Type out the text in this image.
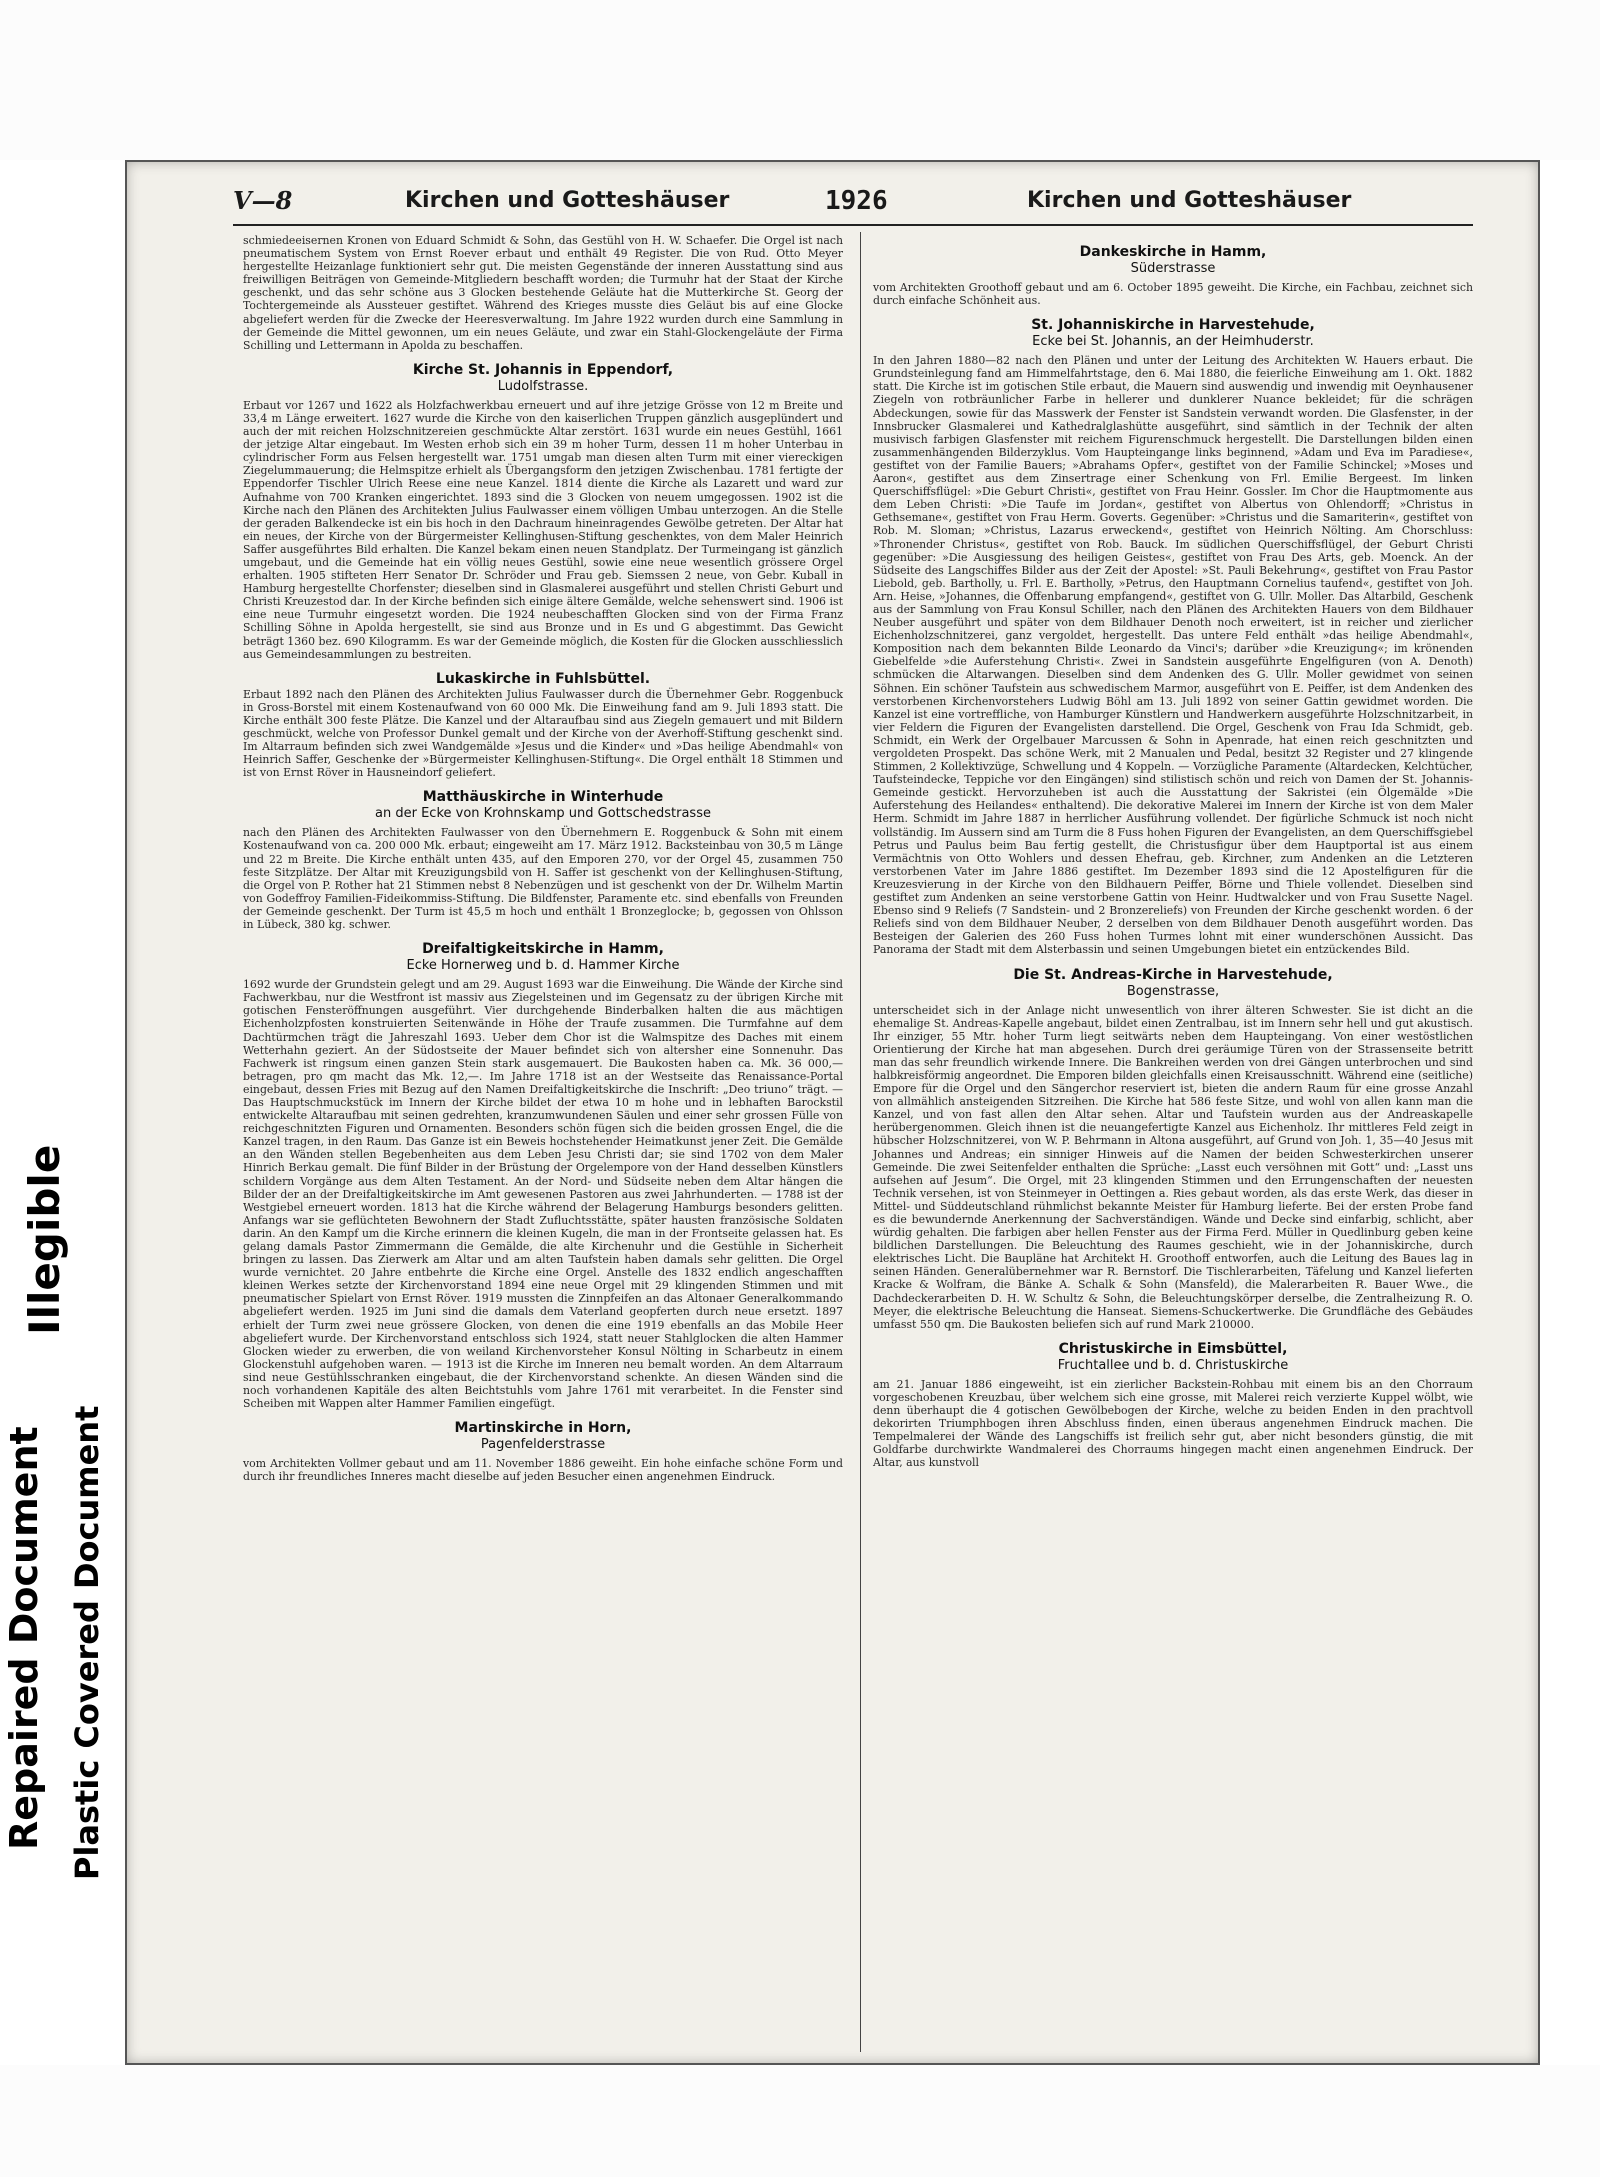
V—8	Kirchen und Gotteshäuser	1926	Kirchen und Gotteshäuser

schmiedeeisernen Kronen von Eduard Schmidt & Sohn, das Gestühl von H. W. Schaefer. Die Orgel ist nach pneumatischem System von Ernst Roever erbaut und enthält 49 Register. Die von Rud. Otto Meyer hergestellte Heizanlage funktioniert sehr gut. Die meisten Gegenstände der inneren Ausstattung sind aus freiwilligen Beiträgen von Gemeinde-Mitgliedern beschafft worden; die Turmuhr hat der Staat der Kirche geschenkt, und das sehr schöne aus 3 Glocken bestehende Geläute hat die Mutterkirche St. Georg der Tochtergemeinde als Aussteuer gestiftet. Während des Krieges musste dies Geläut bis auf eine Glocke abgeliefert werden für die Zwecke der Heeresverwaltung. Im Jahre 1922 wurden durch eine Sammlung in der Gemeinde die Mittel gewonnen, um ein neues Geläute, und zwar ein Stahl-Glockengeläute der Firma Schilling und Lettermann in Apolda zu beschaffen.

Kirche St. Johannis in Eppendorf,
Ludolfstrasse.

Erbaut vor 1267 und 1622 als Holzfachwerkbau erneuert und auf ihre jetzige Grösse von 12 m Breite und 33,4 m Länge erweitert. 1627 wurde die Kirche von den kaiserlichen Truppen gänzlich ausgeplündert und auch der mit reichen Holzschnitzereien geschmückte Altar zerstört. 1631 wurde ein neues Gestühl, 1661 der jetzige Altar eingebaut. Im Westen erhob sich ein 39 m hoher Turm, dessen 11 m hoher Unterbau in cylindrischer Form aus Felsen hergestellt war. 1751 umgab man diesen alten Turm mit einer viereckigen Ziegelummauerung; die Helmspitze erhielt als Übergangsform den jetzigen Zwischenbau. 1781 fertigte der Eppendorfer Tischler Ulrich Reese eine neue Kanzel. 1814 diente die Kirche als Lazarett und ward zur Aufnahme von 700 Kranken eingerichtet. 1893 sind die 3 Glocken von neuem umgegossen. 1902 ist die Kirche nach den Plänen des Architekten Julius Faulwasser einem völligen Umbau unterzogen. An die Stelle der geraden Balkendecke ist ein bis hoch in den Dachraum hineinragendes Gewölbe getreten. Der Altar hat ein neues, der Kirche von der Bürgermeister Kellinghusen-Stiftung geschenktes, von dem Maler Heinrich Saffer ausgeführtes Bild erhalten. Die Kanzel bekam einen neuen Standplatz. Der Turmeingang ist gänzlich umgebaut, und die Gemeinde hat ein völlig neues Gestühl, sowie eine neue wesentlich grössere Orgel erhalten. 1905 stifteten Herr Senator Dr. Schröder und Frau geb. Siemssen 2 neue, von Gebr. Kuball in Hamburg hergestellte Chorfenster; dieselben sind in Glasmalerei ausgeführt und stellen Christi Geburt und Christi Kreuzestod dar. In der Kirche befinden sich einige ältere Gemälde, welche sehenswert sind. 1906 ist eine neue Turmuhr eingesetzt worden. Die 1924 neubeschafften Glocken sind von der Firma Franz Schilling Söhne in Apolda hergestellt, sie sind aus Bronze und in Es und G abgestimmt. Das Gewicht beträgt 1360 bez. 690 Kilogramm. Es war der Gemeinde möglich, die Kosten für die Glocken ausschliesslich aus Gemeindesammlungen zu bestreiten.

Lukaskirche in Fuhlsbüttel.

Erbaut 1892 nach den Plänen des Architekten Julius Faulwasser durch die Übernehmer Gebr. Roggenbuck in Gross-Borstel mit einem Kostenaufwand von 60 000 Mk. Die Einweihung fand am 9. Juli 1893 statt. Die Kirche enthält 300 feste Plätze. Die Kanzel und der Altaraufbau sind aus Ziegeln gemauert und mit Bildern geschmückt, welche von Professor Dunkel gemalt und der Kirche von der Averhoff-Stiftung geschenkt sind. Im Altarraum befinden sich zwei Wandgemälde »Jesus und die Kinder« und »Das heilige Abendmahl« von Heinrich Saffer, Geschenke der »Bürgermeister Kellinghusen-Stiftung«. Die Orgel enthält 18 Stimmen und ist von Ernst Röver in Hausneindorf geliefert.

Matthäuskirche in Winterhude
an der Ecke von Krohnskamp und Gottschedstrasse

nach den Plänen des Architekten Faulwasser von den Übernehmern E. Roggenbuck & Sohn mit einem Kostenaufwand von ca. 200 000 Mk. erbaut; eingeweiht am 17. März 1912. Backsteinbau von 30,5 m Länge und 22 m Breite. Die Kirche enthält unten 435, auf den Emporen 270, vor der Orgel 45, zusammen 750 feste Sitzplätze. Der Altar mit Kreuzigungsbild von H. Saffer ist geschenkt von der Kellinghusen-Stiftung, die Orgel von P. Rother hat 21 Stimmen nebst 8 Nebenzügen und ist geschenkt von der Dr. Wilhelm Martin von Godeffroy Familien-Fideikommiss-Stiftung. Die Bildfenster, Paramente etc. sind ebenfalls von Freunden der Gemeinde geschenkt. Der Turm ist 45,5 m hoch und enthält 1 Bronzeglocke; b, gegossen von Ohlsson in Lübeck, 380 kg. schwer.

Dreifaltigkeitskirche in Hamm,
Ecke Hornerweg und b. d. Hammer Kirche

1692 wurde der Grundstein gelegt und am 29. August 1693 war die Einweihung. Die Wände der Kirche sind Fachwerkbau, nur die Westfront ist massiv aus Ziegelsteinen und im Gegensatz zu der übrigen Kirche mit gotischen Fensteröffnungen ausgeführt. Vier durchgehende Binderbalken halten die aus mächtigen Eichenholzpfosten konstruierten Seitenwände in Höhe der Traufe zusammen. Die Turmfahne auf dem Dachtürmchen trägt die Jahreszahl 1693. Ueber dem Chor ist die Walmspitze des Daches mit einem Wetterhahn geziert. An der Südostseite der Mauer befindet sich von altersher eine Sonnenuhr. Das Fachwerk ist ringsum einen ganzen Stein stark ausgemauert. Die Baukosten haben ca. Mk. 36 000,— betragen, pro qm macht das Mk. 12,—. Im Jahre 1718 ist an der Westseite das Renaissance-Portal eingebaut, dessen Fries mit Bezug auf den Namen Dreifaltigkeitskirche die Inschrift: „Deo triuno“ trägt. — Das Hauptschmuckstück im Innern der Kirche bildet der etwa 10 m hohe und in lebhaften Barockstil entwickelte Altaraufbau mit seinen gedrehten, kranzumwundenen Säulen und einer sehr grossen Fülle von reichgeschnitzten Figuren und Ornamenten. Besonders schön fügen sich die beiden grossen Engel, die die Kanzel tragen, in den Raum. Das Ganze ist ein Beweis hochstehender Heimatkunst jener Zeit. Die Gemälde an den Wänden stellen Begebenheiten aus dem Leben Jesu Christi dar; sie sind 1702 von dem Maler Hinrich Berkau gemalt. Die fünf Bilder in der Brüstung der Orgelempore von der Hand desselben Künstlers schildern Vorgänge aus dem Alten Testament. An der Nord- und Südseite neben dem Altar hängen die Bilder der an der Dreifaltigkeitskirche im Amt gewesenen Pastoren aus zwei Jahrhunderten. — 1788 ist der Westgiebel erneuert worden. 1813 hat die Kirche während der Belagerung Hamburgs besonders gelitten. Anfangs war sie geflüchteten Bewohnern der Stadt Zufluchtsstätte, später hausten französische Soldaten darin. An den Kampf um die Kirche erinnern die kleinen Kugeln, die man in der Frontseite gelassen hat. Es gelang damals Pastor Zimmermann die Gemälde, die alte Kirchenuhr und die Gestühle in Sicherheit bringen zu lassen. Das Zierwerk am Altar und am alten Taufstein haben damals sehr gelitten. Die Orgel wurde vernichtet. 20 Jahre entbehrte die Kirche eine Orgel. Anstelle des 1832 endlich angeschafften kleinen Werkes setzte der Kirchenvorstand 1894 eine neue Orgel mit 29 klingenden Stimmen und mit pneumatischer Spielart von Ernst Röver. 1919 mussten die Zinnpfeifen an das Altonaer Generalkommando abgeliefert werden. 1925 im Juni sind die damals dem Vaterland geopferten durch neue ersetzt. 1897 erhielt der Turm zwei neue grössere Glocken, von denen die eine 1919 ebenfalls an das Mobile Heer abgeliefert wurde. Der Kirchenvorstand entschloss sich 1924, statt neuer Stahlglocken die alten Hammer Glocken wieder zu erwerben, die von weiland Kirchenvorsteher Konsul Nölting in Scharbeutz in einem Glockenstuhl aufgehoben waren. — 1913 ist die Kirche im Inneren neu bemalt worden. An dem Altarraum sind neue Gestühlsschranken eingebaut, die der Kirchenvorstand schenkte. An diesen Wänden sind die noch vorhandenen Kapitäle des alten Beichtstuhls vom Jahre 1761 mit verarbeitet. In die Fenster sind Scheiben mit Wappen alter Hammer Familien eingefügt.

Martinskirche in Horn,
Pagenfelderstrasse

vom Architekten Vollmer gebaut und am 11. November 1886 geweiht. Ein hohe einfache schöne Form und durch ihr freundliches Inneres macht dieselbe auf jeden Besucher einen angenehmen Eindruck.

Dankeskirche in Hamm,
Süderstrasse

vom Architekten Groothoff gebaut und am 6. October 1895 geweiht. Die Kirche, ein Fachbau, zeichnet sich durch einfache Schönheit aus.

St. Johanniskirche in Harvestehude,
Ecke bei St. Johannis, an der Heimhuderstr.

In den Jahren 1880—82 nach den Plänen und unter der Leitung des Architekten W. Hauers erbaut. Die Grundsteinlegung fand am Himmelfahrtstage, den 6. Mai 1880, die feierliche Einweihung am 1. Okt. 1882 statt. Die Kirche ist im gotischen Stile erbaut, die Mauern sind auswendig und inwendig mit Oeynhausener Ziegeln von rotbräunlicher Farbe in hellerer und dunklerer Nuance bekleidet; für die schrägen Abdeckungen, sowie für das Masswerk der Fenster ist Sandstein verwandt worden. Die Glasfenster, in der Innsbrucker Glasmalerei und Kathedralglashütte ausgeführt, sind sämtlich in der Technik der alten musivisch farbigen Glasfenster mit reichem Figurenschmuck hergestellt. Die Darstellungen bilden einen zusammenhängenden Bilderzyklus. Vom Haupteingange links beginnend, »Adam und Eva im Paradiese«, gestiftet von der Familie Bauers; »Abrahams Opfer«, gestiftet von der Familie Schinckel; »Moses und Aaron«, gestiftet aus dem Zinsertrage einer Schenkung von Frl. Emilie Bergeest. Im linken Querschiffsflügel: »Die Geburt Christi«, gestiftet von Frau Heinr. Gossler. Im Chor die Hauptmomente aus dem Leben Christi: »Die Taufe im Jordan«, gestiftet von Albertus von Ohlendorff; »Christus in Gethsemane«, gestiftet von Frau Herm. Goverts. Gegenüber: »Christus und die Samariterin«, gestiftet von Rob. M. Sloman; »Christus, Lazarus erweckend«, gestiftet von Heinrich Nölting. Am Chorschluss: »Thronender Christus«, gestiftet von Rob. Bauck. Im südlichen Querschiffsflügel, der Geburt Christi gegenüber: »Die Ausgiessung des heiligen Geistes«, gestiftet von Frau Des Arts, geb. Moenck. An der Südseite des Langschiffes Bilder aus der Zeit der Apostel: »St. Pauli Bekehrung«, gestiftet von Frau Pastor Liebold, geb. Bartholly, u. Frl. E. Bartholly, »Petrus, den Hauptmann Cornelius taufend«, gestiftet von Joh. Arn. Heise, »Johannes, die Offenbarung empfangend«, gestiftet von G. Ullr. Moller. Das Altarbild, Geschenk aus der Sammlung von Frau Konsul Schiller, nach den Plänen des Architekten Hauers von dem Bildhauer Neuber ausgeführt und später von dem Bildhauer Denoth noch erweitert, ist in reicher und zierlicher Eichenholzschnitzerei, ganz vergoldet, hergestellt. Das untere Feld enthält »das heilige Abendmahl«, Komposition nach dem bekannten Bilde Leonardo da Vinci's; darüber »die Kreuzigung«; im krönenden Giebelfelde »die Auferstehung Christi«. Zwei in Sandstein ausgeführte Engelfiguren (von A. Denoth) schmücken die Altarwangen. Dieselben sind dem Andenken des G. Ullr. Moller gewidmet von seinen Söhnen. Ein schöner Taufstein aus schwedischem Marmor, ausgeführt von E. Peiffer, ist dem Andenken des verstorbenen Kirchenvorstehers Ludwig Böhl am 13. Juli 1892 von seiner Gattin gewidmet worden. Die Kanzel ist eine vortreffliche, von Hamburger Künstlern und Handwerkern ausgeführte Holzschnitzarbeit, in vier Feldern die Figuren der Evangelisten darstellend. Die Orgel, Geschenk von Frau Ida Schmidt, geb. Schmidt, ein Werk der Orgelbauer Marcussen & Sohn in Apenrade, hat einen reich geschnitzten und vergoldeten Prospekt. Das schöne Werk, mit 2 Manualen und Pedal, besitzt 32 Register und 27 klingende Stimmen, 2 Kollektivzüge, Schwellung und 4 Koppeln. — Vorzügliche Paramente (Altardecken, Kelchtücher, Taufsteindecke, Teppiche vor den Eingängen) sind stilistisch schön und reich von Damen der St. Johannis-Gemeinde gestickt. Hervorzuheben ist auch die Ausstattung der Sakristei (ein Ölgemälde »Die Auferstehung des Heilandes« enthaltend). Die dekorative Malerei im Innern der Kirche ist von dem Maler Herm. Schmidt im Jahre 1887 in herrlicher Ausführung vollendet. Der figürliche Schmuck ist noch nicht vollständig. Im Aussern sind am Turm die 8 Fuss hohen Figuren der Evangelisten, an dem Querschiffsgiebel Petrus und Paulus beim Bau fertig gestellt, die Christusfigur über dem Hauptportal ist aus einem Vermächtnis von Otto Wohlers und dessen Ehefrau, geb. Kirchner, zum Andenken an die Letzteren verstorbenen Vater im Jahre 1886 gestiftet. Im Dezember 1893 sind die 12 Apostelfiguren für die Kreuzesvierung in der Kirche von den Bildhauern Peiffer, Börne und Thiele vollendet. Dieselben sind gestiftet zum Andenken an seine verstorbene Gattin von Heinr. Hudtwalcker und von Frau Susette Nagel. Ebenso sind 9 Reliefs (7 Sandstein- und 2 Bronzereliefs) von Freunden der Kirche geschenkt worden. 6 der Reliefs sind von dem Bildhauer Neuber, 2 derselben von dem Bildhauer Denoth ausgeführt worden. Das Besteigen der Galerien des 260 Fuss hohen Turmes lohnt mit einer wunderschönen Aussicht. Das Panorama der Stadt mit dem Alsterbassin und seinen Umgebungen bietet ein entzückendes Bild.

Die St. Andreas-Kirche in Harvestehude,
Bogenstrasse,

unterscheidet sich in der Anlage nicht unwesentlich von ihrer älteren Schwester. Sie ist dicht an die ehemalige St. Andreas-Kapelle angebaut, bildet einen Zentralbau, ist im Innern sehr hell und gut akustisch. Ihr einziger, 55 Mtr. hoher Turm liegt seitwärts neben dem Haupteingang. Von einer westöstlichen Orientierung der Kirche hat man abgesehen. Durch drei geräumige Türen von der Strassenseite betritt man das sehr freundlich wirkende Innere. Die Bankreihen werden von drei Gängen unterbrochen und sind halbkreisförmig angeordnet. Die Emporen bilden gleichfalls einen Kreisausschnitt. Während eine (seitliche) Empore für die Orgel und den Sängerchor reserviert ist, bieten die andern Raum für eine grosse Anzahl von allmählich ansteigenden Sitzreihen. Die Kirche hat 586 feste Sitze, und wohl von allen kann man die Kanzel, und von fast allen den Altar sehen. Altar und Taufstein wurden aus der Andreaskapelle herübergenommen. Gleich ihnen ist die neuangefertigte Kanzel aus Eichenholz. Ihr mittleres Feld zeigt in hübscher Holzschnitzerei, von W. P. Behrmann in Altona ausgeführt, auf Grund von Joh. 1, 35—40 Jesus mit Johannes und Andreas; ein sinniger Hinweis auf die Namen der beiden Schwesterkirchen unserer Gemeinde. Die zwei Seitenfelder enthalten die Sprüche: „Lasst euch versöhnen mit Gott“ und: „Lasst uns aufsehen auf Jesum“. Die Orgel, mit 23 klingenden Stimmen und den Errungenschaften der neuesten Technik versehen, ist von Steinmeyer in Oettingen a. Ries gebaut worden, als das erste Werk, das dieser in Mittel- und Süddeutschland rühmlichst bekannte Meister für Hamburg lieferte. Bei der ersten Probe fand es die bewundernde Anerkennung der Sachverständigen. Wände und Decke sind einfarbig, schlicht, aber würdig gehalten. Die farbigen aber hellen Fenster aus der Firma Ferd. Müller in Quedlinburg geben keine bildlichen Darstellungen. Die Beleuchtung des Raumes geschieht, wie in der Johanniskirche, durch elektrisches Licht. Die Baupläne hat Architekt H. Groothoff entworfen, auch die Leitung des Baues lag in seinen Händen. Generalübernehmer war R. Bernstorf. Die Tischlerarbeiten, Täfelung und Kanzel lieferten Kracke & Wolfram, die Bänke A. Schalk & Sohn (Mansfeld), die Malerarbeiten R. Bauer Wwe., die Dachdeckerarbeiten D. H. W. Schultz & Sohn, die Beleuchtungskörper derselbe, die Zentralheizung R. O. Meyer, die elektrische Beleuchtung die Hanseat. Siemens-Schuckertwerke. Die Grundfläche des Gebäudes umfasst 550 qm. Die Baukosten beliefen sich auf rund Mark 210000.

Christuskirche in Eimsbüttel,
Fruchtallee und b. d. Christuskirche

am 21. Januar 1886 eingeweiht, ist ein zierlicher Backstein-Rohbau mit einem bis an den Chorraum vorgeschobenen Kreuzbau, über welchem sich eine grosse, mit Malerei reich verzierte Kuppel wölbt, wie denn überhaupt die 4 gotischen Gewölbebogen der Kirche, welche zu beiden Enden in den prachtvoll dekorirten Triumphbogen ihren Abschluss finden, einen überaus angenehmen Eindruck machen. Die Tempelmalerei der Wände des Langschiffs ist freilich sehr gut, aber nicht besonders günstig, die mit Goldfarbe durchwirkte Wandmalerei des Chorraums hingegen macht einen angenehmen Eindruck. Der Altar, aus kunstvoll

Illegible
Repaired Document Plastic Covered Document
